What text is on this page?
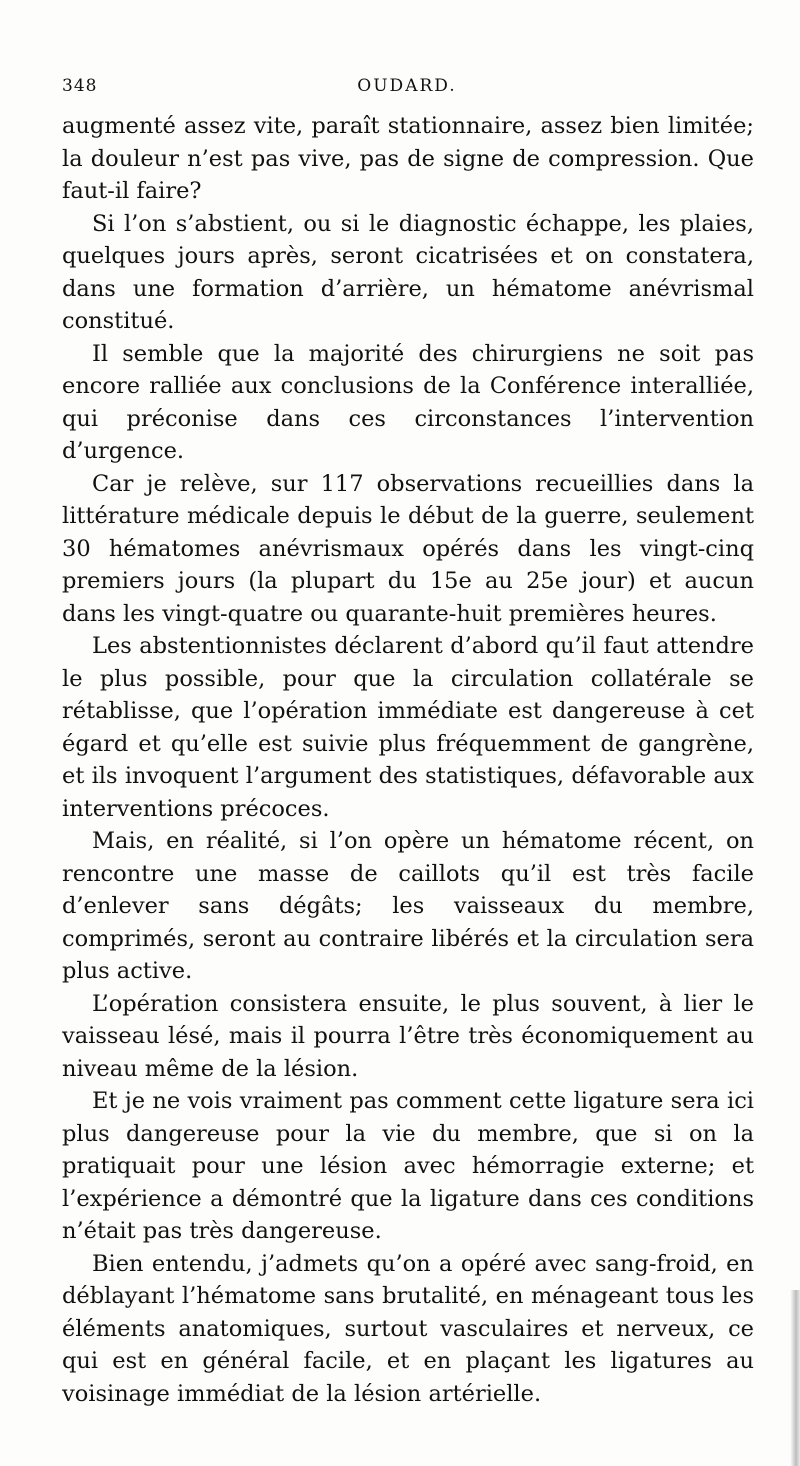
348	OUDARD.

augmenté assez vite, paraît stationnaire, assez bien limitée; la douleur n’est pas vive, pas de signe de compression. Que faut-il faire?

Si l’on s’abstient, ou si le diagnostic échappe, les plaies, quelques jours après, seront cicatrisées et on constatera, dans une formation d’arrière, un hématome anévrismal constitué.

Il semble que la majorité des chirurgiens ne soit pas encore ralliée aux conclusions de la Conférence interalliée, qui préconise dans ces circonstances l’intervention d’urgence.

Car je relève, sur 117 observations recueillies dans la littérature médicale depuis le début de la guerre, seulement 30 hématomes anévrismaux opérés dans les vingt-cinq premiers jours (la plupart du 15e au 25e jour) et aucun dans les vingt-quatre ou quarante-huit premières heures.

Les abstentionnistes déclarent d’abord qu’il faut attendre le plus possible, pour que la circulation collatérale se rétablisse, que l’opération immédiate est dangereuse à cet égard et qu’elle est suivie plus fréquemment de gangrène, et ils invoquent l’argument des statistiques, défavorable aux interventions précoces.

Mais, en réalité, si l’on opère un hématome récent, on rencontre une masse de caillots qu’il est très facile d’enlever sans dégâts; les vaisseaux du membre, comprimés, seront au contraire libérés et la circulation sera plus active.

L’opération consistera ensuite, le plus souvent, à lier le vaisseau lésé, mais il pourra l’être très économiquement au niveau même de la lésion.

Et je ne vois vraiment pas comment cette ligature sera ici plus dangereuse pour la vie du membre, que si on la pratiquait pour une lésion avec hémorragie externe; et l’expérience a démontré que la ligature dans ces conditions n’était pas très dangereuse.

Bien entendu, j’admets qu’on a opéré avec sang-froid, en déblayant l’hématome sans brutalité, en ménageant tous les éléments anatomiques, surtout vasculaires et nerveux, ce qui est en général facile, et en plaçant les ligatures au voisinage immédiat de la lésion artérielle.
